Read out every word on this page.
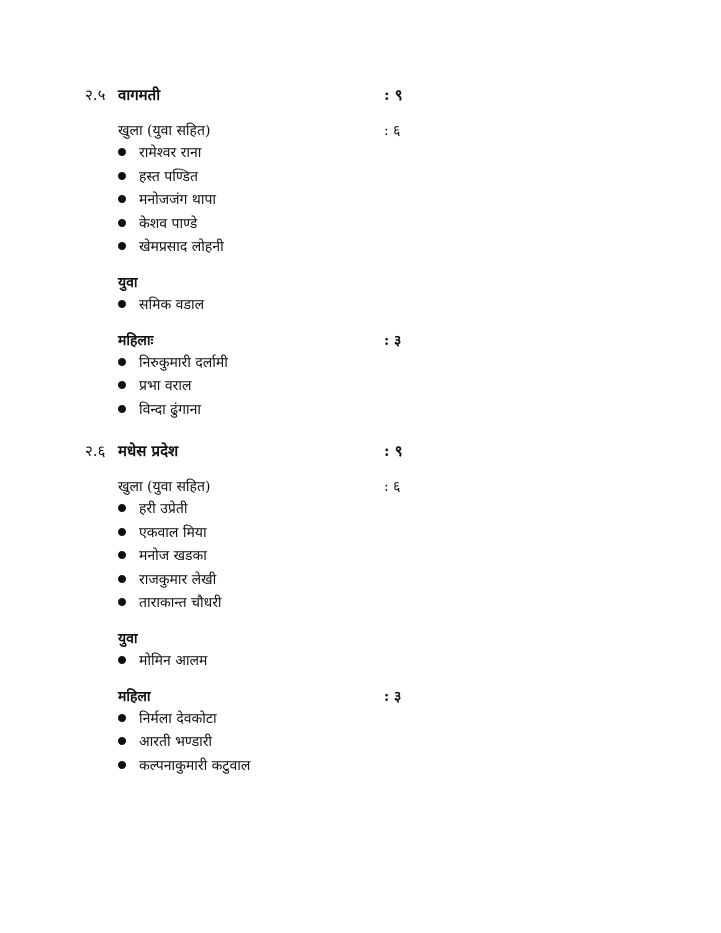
२.५ वागमती	: ९
खुला (युवा सहित)	: ६
रामेश्वर राना
हस्त पण्डित
मनोजजंग थापा
केशव पाण्डे
खेमप्रसाद लोहनी
युवा
समिक वडाल
महिलाः	: ३
निरुकुमारी दर्लामी
प्रभा वराल
विन्दा ढुंगाना
२.६ मधेस प्रदेश	: ९
खुला (युवा सहित)	: ६
हरी उप्रेती
एकवाल मिया
मनोज खडका
राजकुमार लेखी
ताराकान्त चौधरी
युवा
मोमिन आलम
महिला	: ३
निर्मला देवकोटा
आरती भण्डारी
कल्पनाकुमारी कटुवाल
